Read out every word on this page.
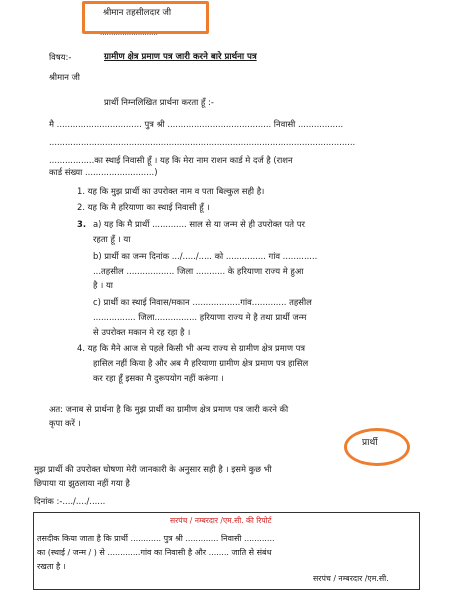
श्रीमान तहसीलदार जी
..........................
विषय:-	ग्रामीण क्षेत्र प्रमाण पत्र जारी करने बारे प्रार्थना पत्र
श्रीमान जी
प्रार्थी निम्नलिखित प्रार्थना करता हूँ :-
मै ................................ पुत्र श्री ....................................... निवासी .................
...................................................................................................................
.................का स्थाई निवासी हूँ । यह कि मेरा नाम राशन कार्ड मे दर्ज है (राशन
कार्ड संख्या ..........................)
1. यह कि मुझ प्रार्थी का उपरोक्त नाम व पता बिल्कुल सही है।
2. यह कि मै हरियाणा का स्थाई निवासी हूँ ।
3. a) यह कि मै प्रार्थी ............. साल से या जन्म से ही उपरोक्त पते पर
रहता हूँ । या
b) प्रार्थी का जन्म दिनांक .../...../..... को ............... गांव .............
...तहसील .................. जिला ........... के हरियाणा राज्य मे हुआ
है । या
c) प्रार्थी का स्थाई निवास/मकान ..................गांव............. तहसील
................ जिला................ हरियाणा राज्य मे है तथा प्रार्थी जन्म
से उपरोक्त मकान मे रह रहा है ।
4. यह कि मैने आज से पहले किसी भी अन्य राज्य से ग्रामीण क्षेत्र प्रमाण पत्र
हासिल नहीं किया है और अब मै हरियाणा ग्रामीण क्षेत्र प्रमाण पत्र हासिल
कर रहा हूँ इसका मै दुरूपयोग नहीं करूंगा ।
अत: जनाब से प्रार्थना है कि मुझ प्रार्थी का ग्रामीण क्षेत्र प्रमाण पत्र जारी करने की
कृपा करें ।
प्रार्थी
मुझ प्रार्थी की उपरोक्त घोषणा मेरी जानकारी के अनुसार सही है । इसमे कुछ भी
छिपाया या झुठलाया नहीं गया है
दिनांक :-..../..../......
सरपंच / नम्बरदार /एम.सी. की रिपोर्ट
तसदीक किया जाता है कि प्रार्थी ............ पुत्र श्री ............. निवासी ............
का (स्थाई / जन्म / ) से .............गांव का निवासी है और ........ जाति से संबंध
रखता है ।
सरपंच / नम्बरदार /एम.सी.
